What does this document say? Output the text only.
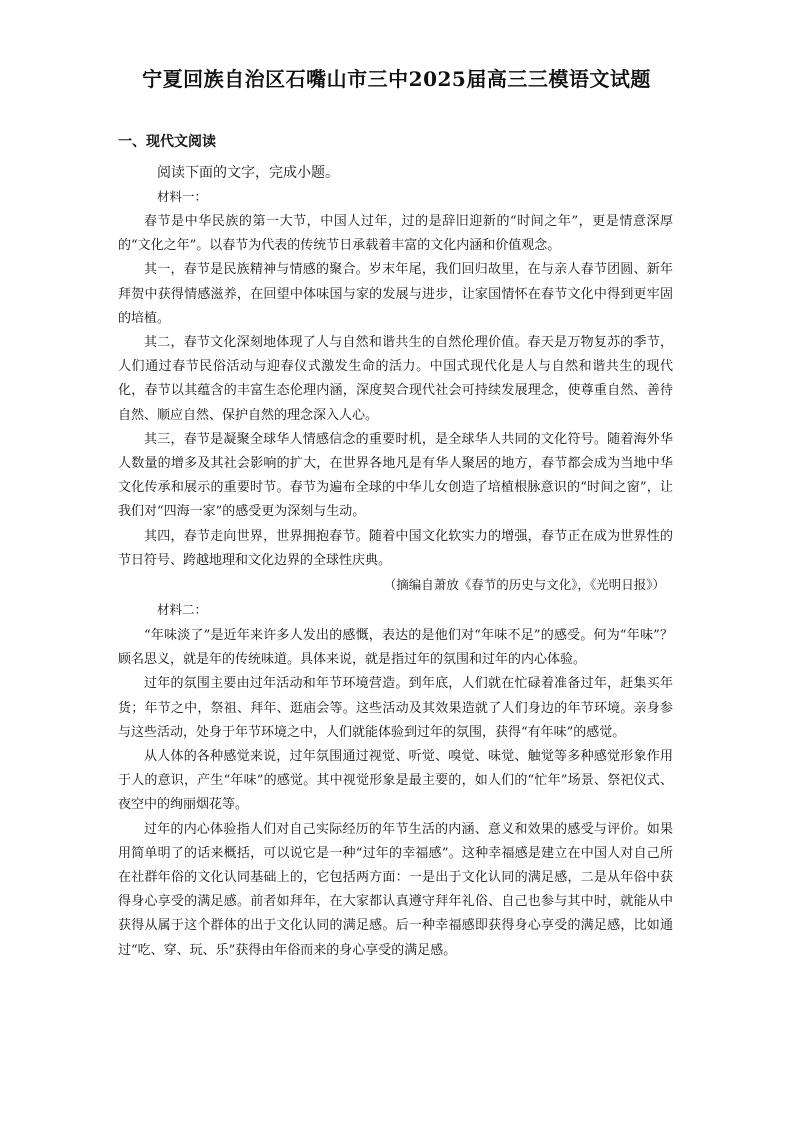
宁夏回族自治区石嘴山市三中2025届高三三模语文试题
一、现代文阅读
阅读下面的文字，完成小题。
材料一：

春节是中华民族的第一大节，中国人过年，过的是辞旧迎新的“时间之年”，更是情意深厚的“文化之年”。以春节为代表的传统节日承载着丰富的文化内涵和价值观念。

其一，春节是民族精神与情感的聚合。岁末年尾，我们回归故里，在与亲人春节团圆、新年拜贺中获得情感滋养，在回望中体味国与家的发展与进步，让家国情怀在春节文化中得到更牢固的培植。

其二，春节文化深刻地体现了人与自然和谐共生的自然伦理价值。春天是万物复苏的季节，人们通过春节民俗活动与迎春仪式激发生命的活力。中国式现代化是人与自然和谐共生的现代化，春节以其蕴含的丰富生态伦理内涵，深度契合现代社会可持续发展理念，使尊重自然、善待自然、顺应自然、保护自然的理念深入人心。

其三，春节是凝聚全球华人情感信念的重要时机，是全球华人共同的文化符号。随着海外华人数量的增多及其社会影响的扩大，在世界各地凡是有华人聚居的地方，春节都会成为当地中华文化传承和展示的重要时节。春节为遍布全球的中华儿女创造了培植根脉意识的“时间之窗”，让我们对“四海一家”的感受更为深刻与生动。

其四，春节走向世界，世界拥抱春节。随着中国文化软实力的增强，春节正在成为世界性的节日符号、跨越地理和文化边界的全球性庆典。

（摘编自萧放《春节的历史与文化》，《光明日报》）
材料二：

“年味淡了”是近年来许多人发出的感慨，表达的是他们对“年味不足”的感受。何为“年味”？顾名思义，就是年的传统味道。具体来说，就是指过年的氛围和过年的内心体验。

过年的氛围主要由过年活动和年节环境营造。到年底，人们就在忙碌着准备过年，赶集买年货；年节之中，祭祖、拜年、逛庙会等。这些活动及其效果造就了人们身边的年节环境。亲身参与这些活动，处身于年节环境之中，人们就能体验到过年的氛围，获得“有年味”的感觉。

从人体的各种感觉来说，过年氛围通过视觉、听觉、嗅觉、味觉、触觉等多种感觉形象作用于人的意识，产生“年味”的感觉。其中视觉形象是最主要的，如人们的“忙年”场景、祭祀仪式、夜空中的绚丽烟花等。

过年的内心体验指人们对自己实际经历的年节生活的内涵、意义和效果的感受与评价。如果用简单明了的话来概括，可以说它是一种“过年的幸福感”。这种幸福感是建立在中国人对自己所在社群年俗的文化认同基础上的，它包括两方面：一是出于文化认同的满足感，二是从年俗中获得身心享受的满足感。前者如拜年，在大家都认真遵守拜年礼俗、自己也参与其中时，就能从中获得从属于这个群体的出于文化认同的满足感。后一种幸福感即获得身心享受的满足感，比如通过“吃、穿、玩、乐”获得由年俗而来的身心享受的满足感。
